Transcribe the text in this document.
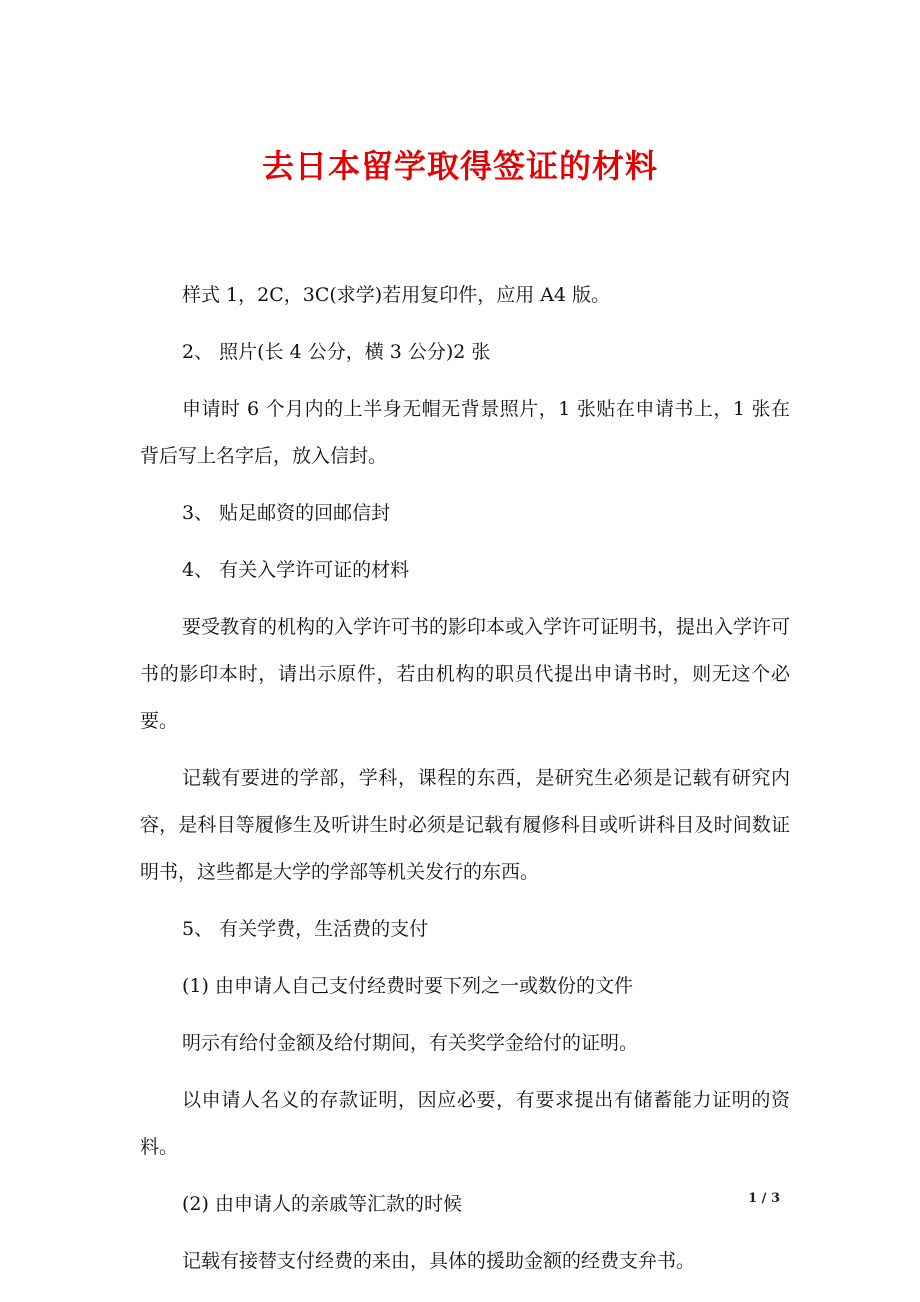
去日本留学取得签证的材料

样式 1，2C，3C(求学)若用复印件，应用 A4 版。

2、 照片(长 4 公分，横 3 公分)2 张

申请时 6 个月内的上半身无帽无背景照片，1 张贴在申请书上，1 张在背后写上名字后，放入信封。

3、 贴足邮资的回邮信封

4、 有关入学许可证的材料

要受教育的机构的入学许可书的影印本或入学许可证明书，提出入学许可书的影印本时，请出示原件，若由机构的职员代提出申请书时，则无这个必要。

记载有要进的学部，学科，课程的东西，是研究生必须是记载有研究内容，是科目等履修生及听讲生时必须是记载有履修科目或听讲科目及时间数证明书，这些都是大学的学部等机关发行的东西。

5、 有关学费，生活费的支付

(1) 由申请人自己支付经费时要下列之一或数份的文件

明示有给付金额及给付期间，有关奖学金给付的证明。

以申请人名义的存款证明，因应必要，有要求提出有储蓄能力证明的资料。

(2) 由申请人的亲戚等汇款的时候

记载有接替支付经费的来由，具体的援助金额的经费支弁书。

1 / 3
